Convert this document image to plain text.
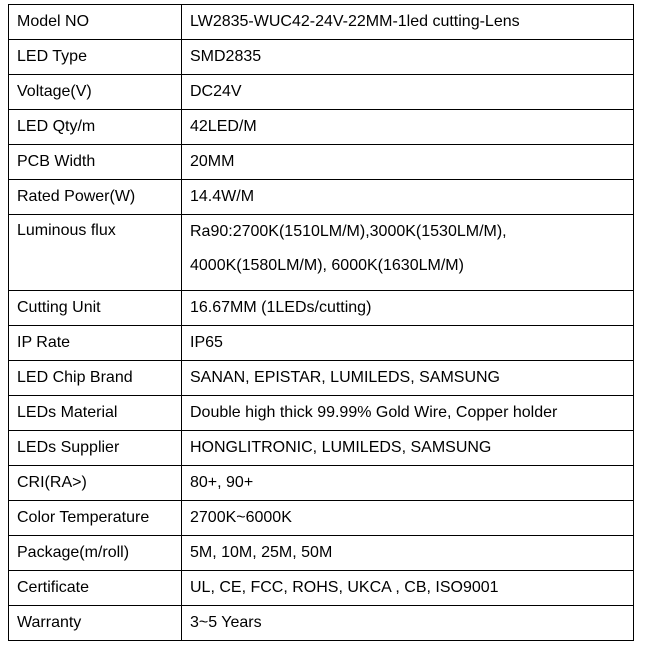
Model NO	LW2835-WUC42-24V-22MM-1led cutting-Lens
LED Type	SMD2835
Voltage(V)	DC24V
LED Qty/m	42LED/M
PCB Width	20MM
Rated Power(W)	14.4W/M
Luminous flux	Ra90:2700K(1510LM/M),3000K(1530LM/M),
4000K(1580LM/M), 6000K(1630LM/M)

Cutting Unit	16.67MM (1LEDs/cutting)
IP Rate	IP65
LED Chip Brand	SANAN, EPISTAR, LUMILEDS, SAMSUNG
LEDs Material	Double high thick 99.99% Gold Wire, Copper holder
LEDs Supplier	HONGLITRONIC, LUMILEDS, SAMSUNG
CRI(RA>)	80+, 90+
Color Temperature	2700K~6000K
Package(m/roll)	5M, 10M, 25M, 50M
Certificate	UL, CE, FCC, ROHS, UKCA , CB, ISO9001
Warranty	3~5 Years
